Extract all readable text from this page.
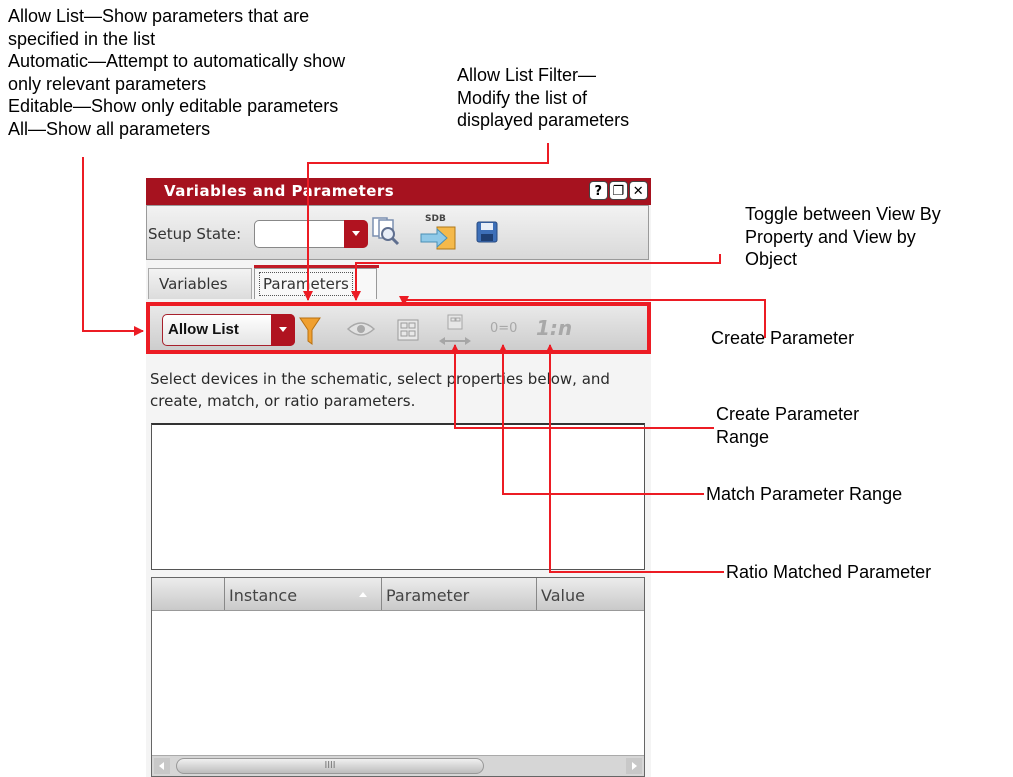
Allow List—Show parameters that are
specified in the list
Automatic—Attempt to automatically show
only relevant parameters
Editable—Show only editable parameters
All—Show all parameters
Allow List Filter—
Modify the list of
displayed parameters
Toggle between View By
Property and View by
Object
Create Parameter
Create Parameter
Range
Match Parameter Range
Ratio Matched Parameter
Variables and Parameters	? ❐ ✕
Setup State:
SDB
Variables	Parameters
Allow List	0=0 1:n
Select devices in the schematic, select properties below, and create, match, or ratio parameters.
Instance	Parameter	Value
IIII
